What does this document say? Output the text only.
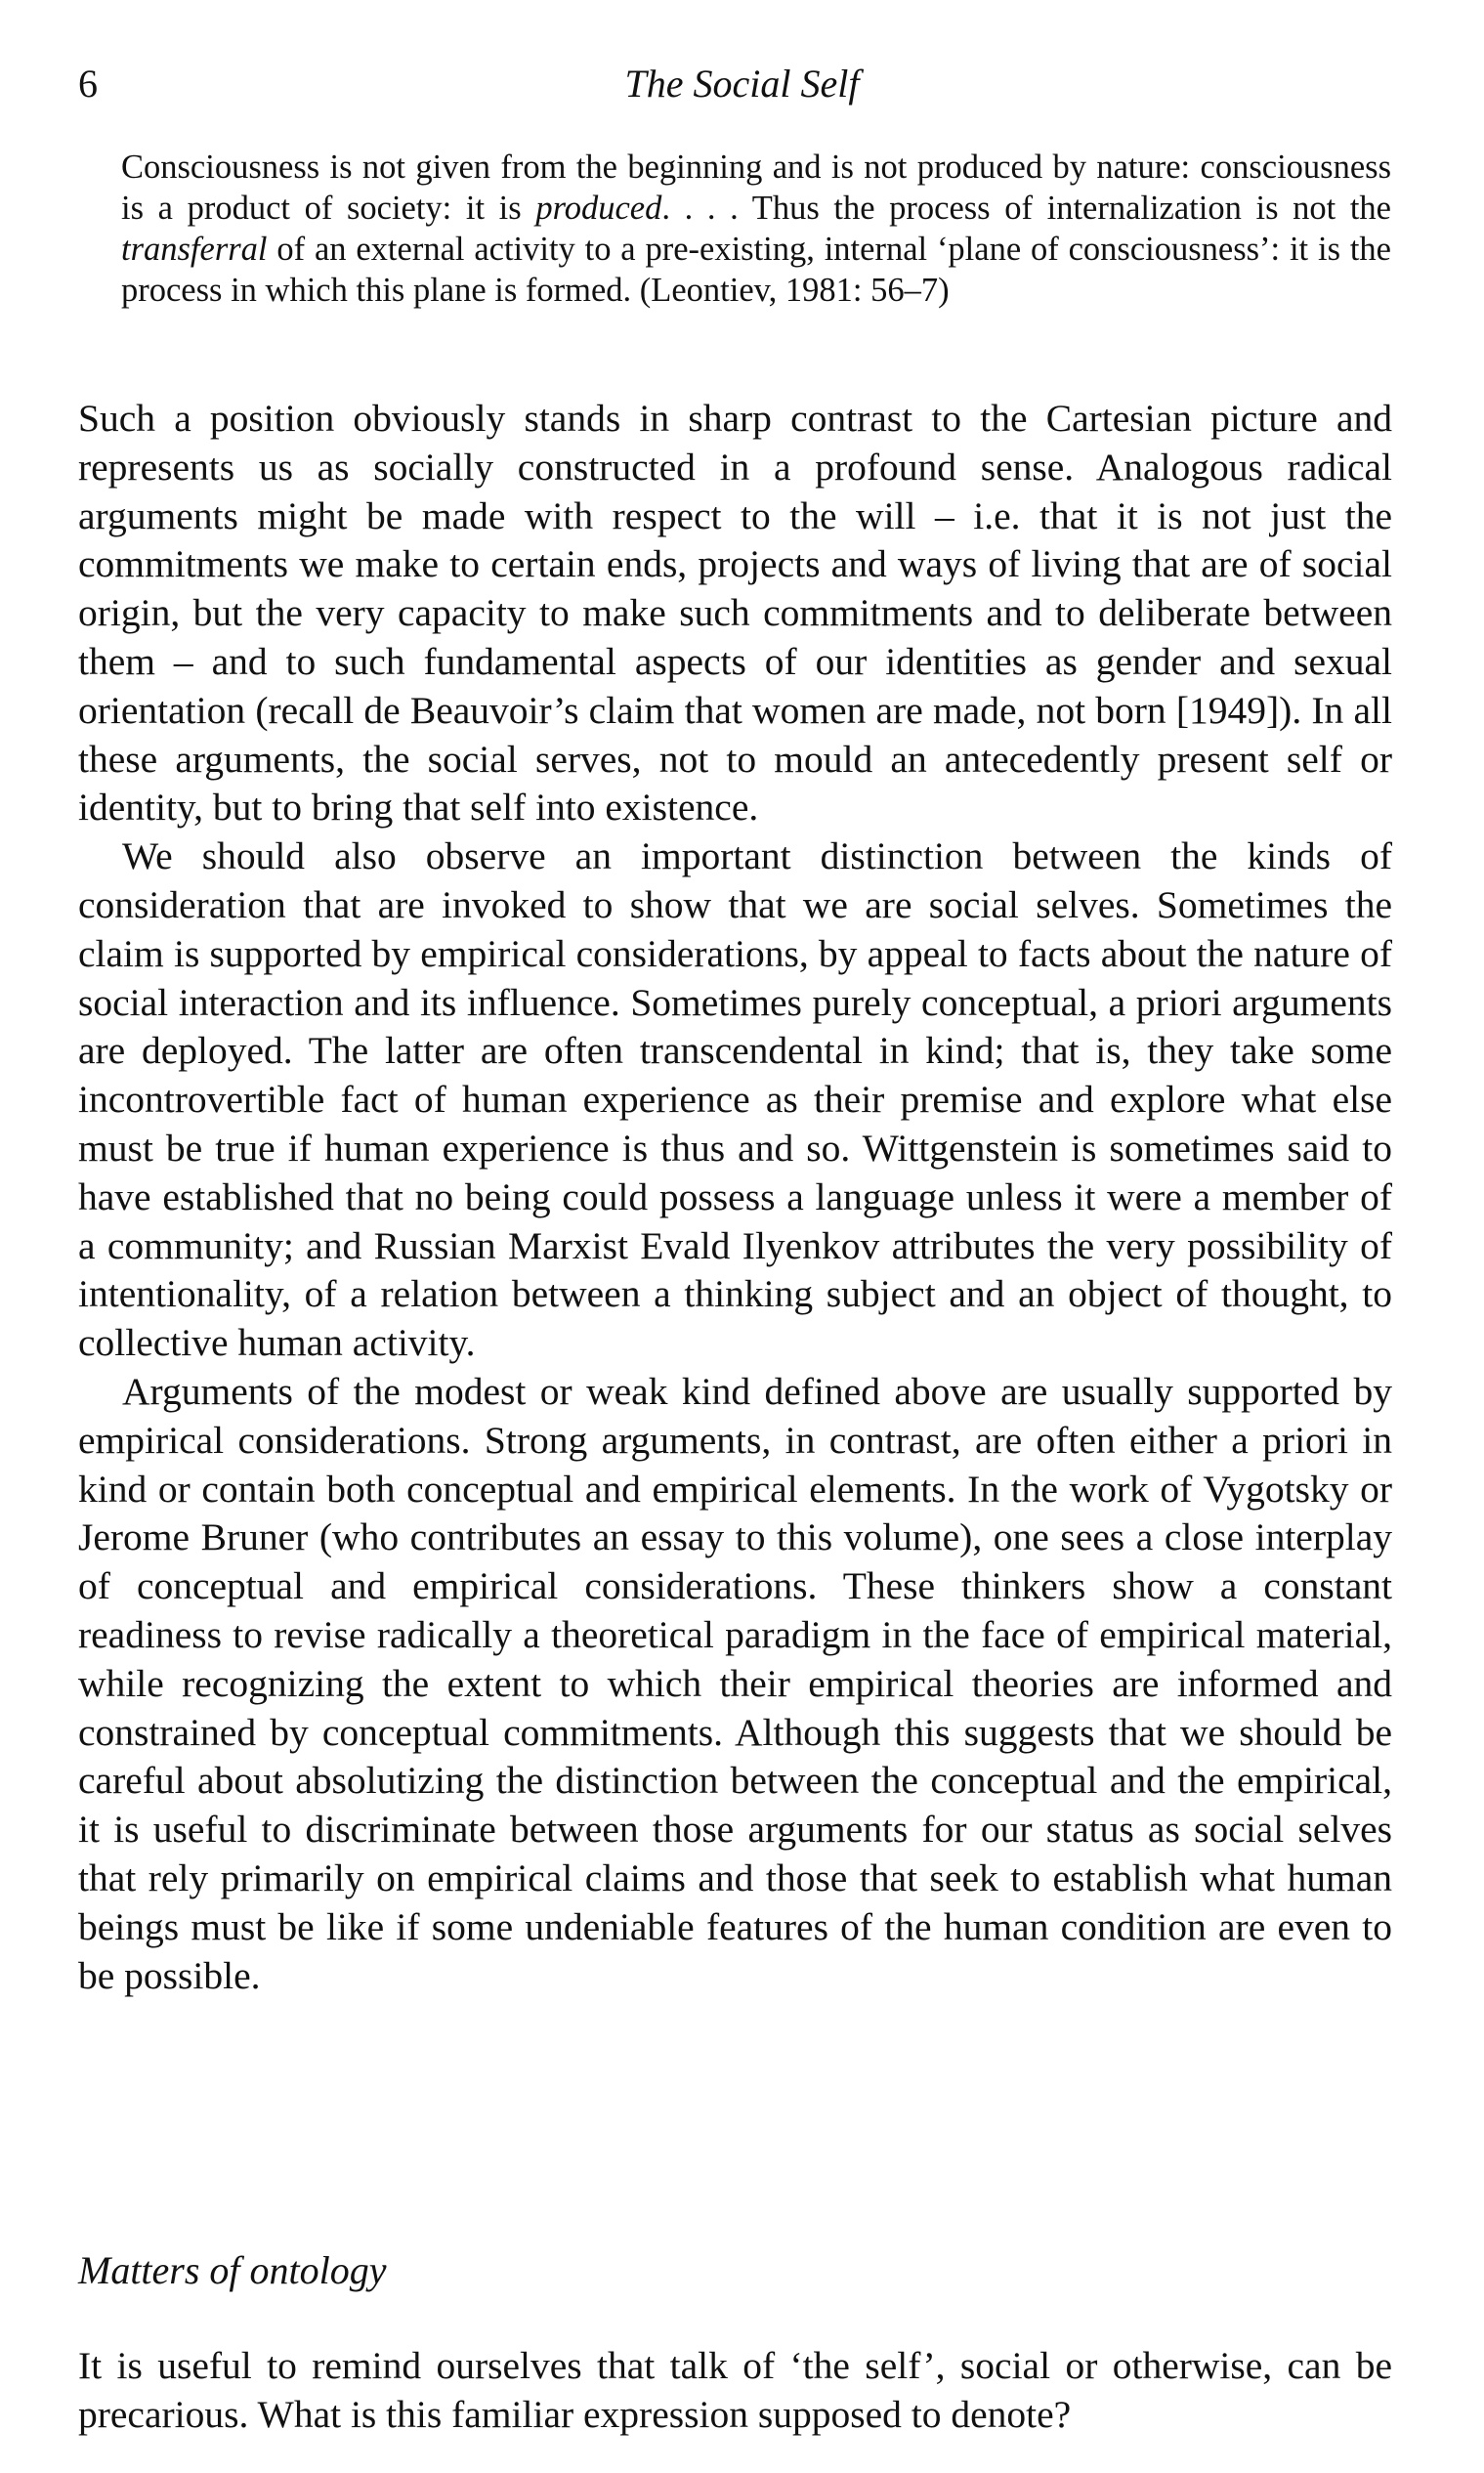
6	The Social Self

Consciousness is not given from the beginning and is not produced by nature: consciousness is a product of society: it is produced. . . . Thus the process of internalization is not the transferral of an external activity to a pre-existing, internal ‘plane of consciousness’: it is the process in which this plane is formed. (Leontiev, 1981: 56–7)

Such a position obviously stands in sharp contrast to the Cartesian picture and represents us as socially constructed in a profound sense. Analogous radical arguments might be made with respect to the will – i.e. that it is not just the commitments we make to certain ends, projects and ways of living that are of social origin, but the very capacity to make such commitments and to deliberate between them – and to such fundamental aspects of our identities as gender and sexual orientation (recall de Beauvoir’s claim that women are made, not born [1949]). In all these arguments, the social serves, not to mould an antecedently present self or identity, but to bring that self into existence.

We should also observe an important distinction between the kinds of consideration that are invoked to show that we are social selves. Sometimes the claim is supported by empirical considerations, by appeal to facts about the nature of social interaction and its influence. Sometimes purely conceptual, a priori arguments are deployed. The latter are often transcendental in kind; that is, they take some incontrovertible fact of human experience as their premise and explore what else must be true if human experience is thus and so. Wittgenstein is sometimes said to have established that no being could possess a language unless it were a member of a community; and Russian Marxist Evald Ilyenkov attributes the very possibility of intentionality, of a relation between a thinking subject and an object of thought, to collective human activity.

Arguments of the modest or weak kind defined above are usually supported by empirical considerations. Strong arguments, in contrast, are often either a priori in kind or contain both conceptual and empirical elements. In the work of Vygotsky or Jerome Bruner (who contributes an essay to this volume), one sees a close interplay of conceptual and empirical considerations. These thinkers show a constant readiness to revise radically a theoretical paradigm in the face of empirical material, while recognizing the extent to which their empirical theories are informed and constrained by conceptual commitments. Although this suggests that we should be careful about absolutizing the distinction between the conceptual and the empirical, it is useful to discriminate between those arguments for our status as social selves that rely primarily on empirical claims and those that seek to establish what human beings must be like if some undeniable features of the human condition are even to be possible.

Matters of ontology

It is useful to remind ourselves that talk of ‘the self’, social or otherwise, can be precarious. What is this familiar expression supposed to denote?
